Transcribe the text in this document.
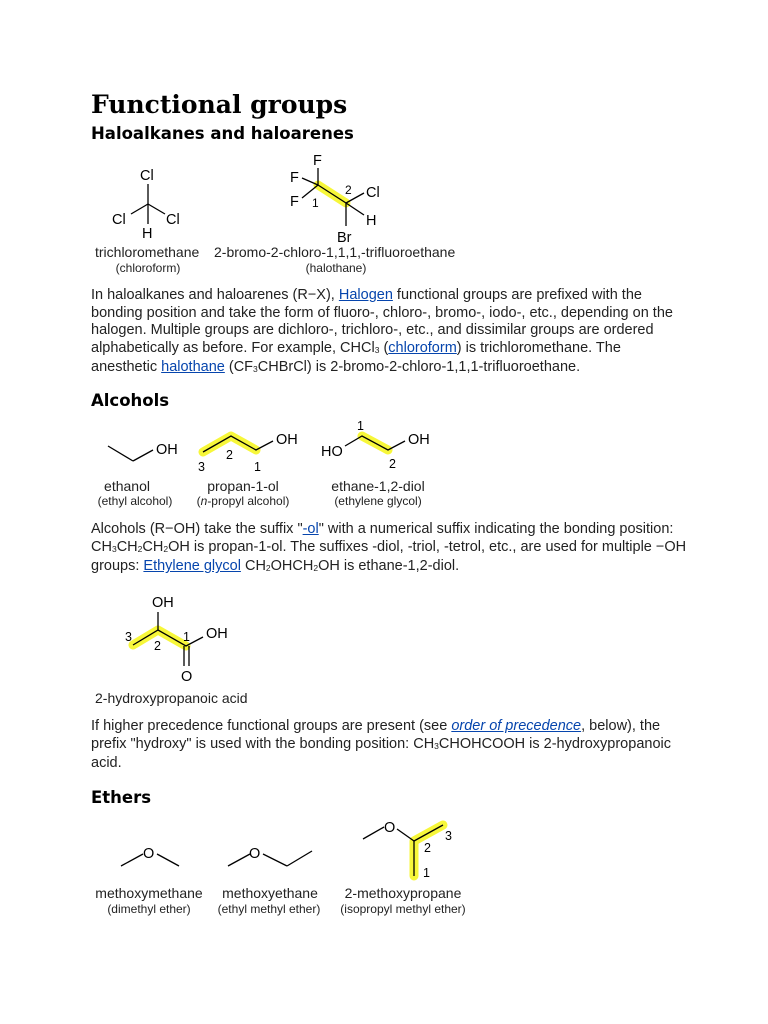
Functional groups
Haloalkanes and haloarenes
Cl
Cl	Cl
H
trichloromethane
(chloroform)
F
F
F
Cl
H
Br
1
2
2-bromo-2-chloro-1,1,1,-trifluoroethane
(halothane)

In haloalkanes and haloarenes (R−X), Halogen functional groups are prefixed with the bonding position and take the form of fluoro-, chloro-, bromo-, iodo-, etc., depending on the halogen. Multiple groups are dichloro-, trichloro-, etc., and dissimilar groups are ordered alphabetically as before. For example, CHCl$_3$ (chloroform) is trichloromethane. The anesthetic halothane $(CF_3CHBrCl)$ is 2-bromo-2-chloro-1,1,1-trifluoroethane.

Alcohols
OH
ethanol
(ethyl alcohol)
OH
3
2
1
propan-1-ol
(n-propyl alcohol)
HO
OH
1
2
ethane-1,2-diol
(ethylene glycol)

Alcohols (R−OH) take the suffix "-ol" with a numerical suffix indicating the bonding position: $CH_3CH_2CH_2OH$ is propan-1-ol. The suffixes -diol, -triol, -tetrol, etc., are used for multiple −OH groups: Ethylene glycol $CH_2OHCH_2OH$ is ethane-1,2-diol.

OH
OH
O
3
2
1
2-hydroxypropanoic acid

If higher precedence functional groups are present (see order of precedence, below), the prefix "hydroxy" is used with the bonding position: $CH_3CHOHCOOH$ is 2-hydroxypropanoic acid.

Ethers
O
methoxymethane
(dimethyl ether)
O
methoxyethane
(ethyl methyl ether)
O	3
2
1
2-methoxypropane
(isopropyl methyl ether)
